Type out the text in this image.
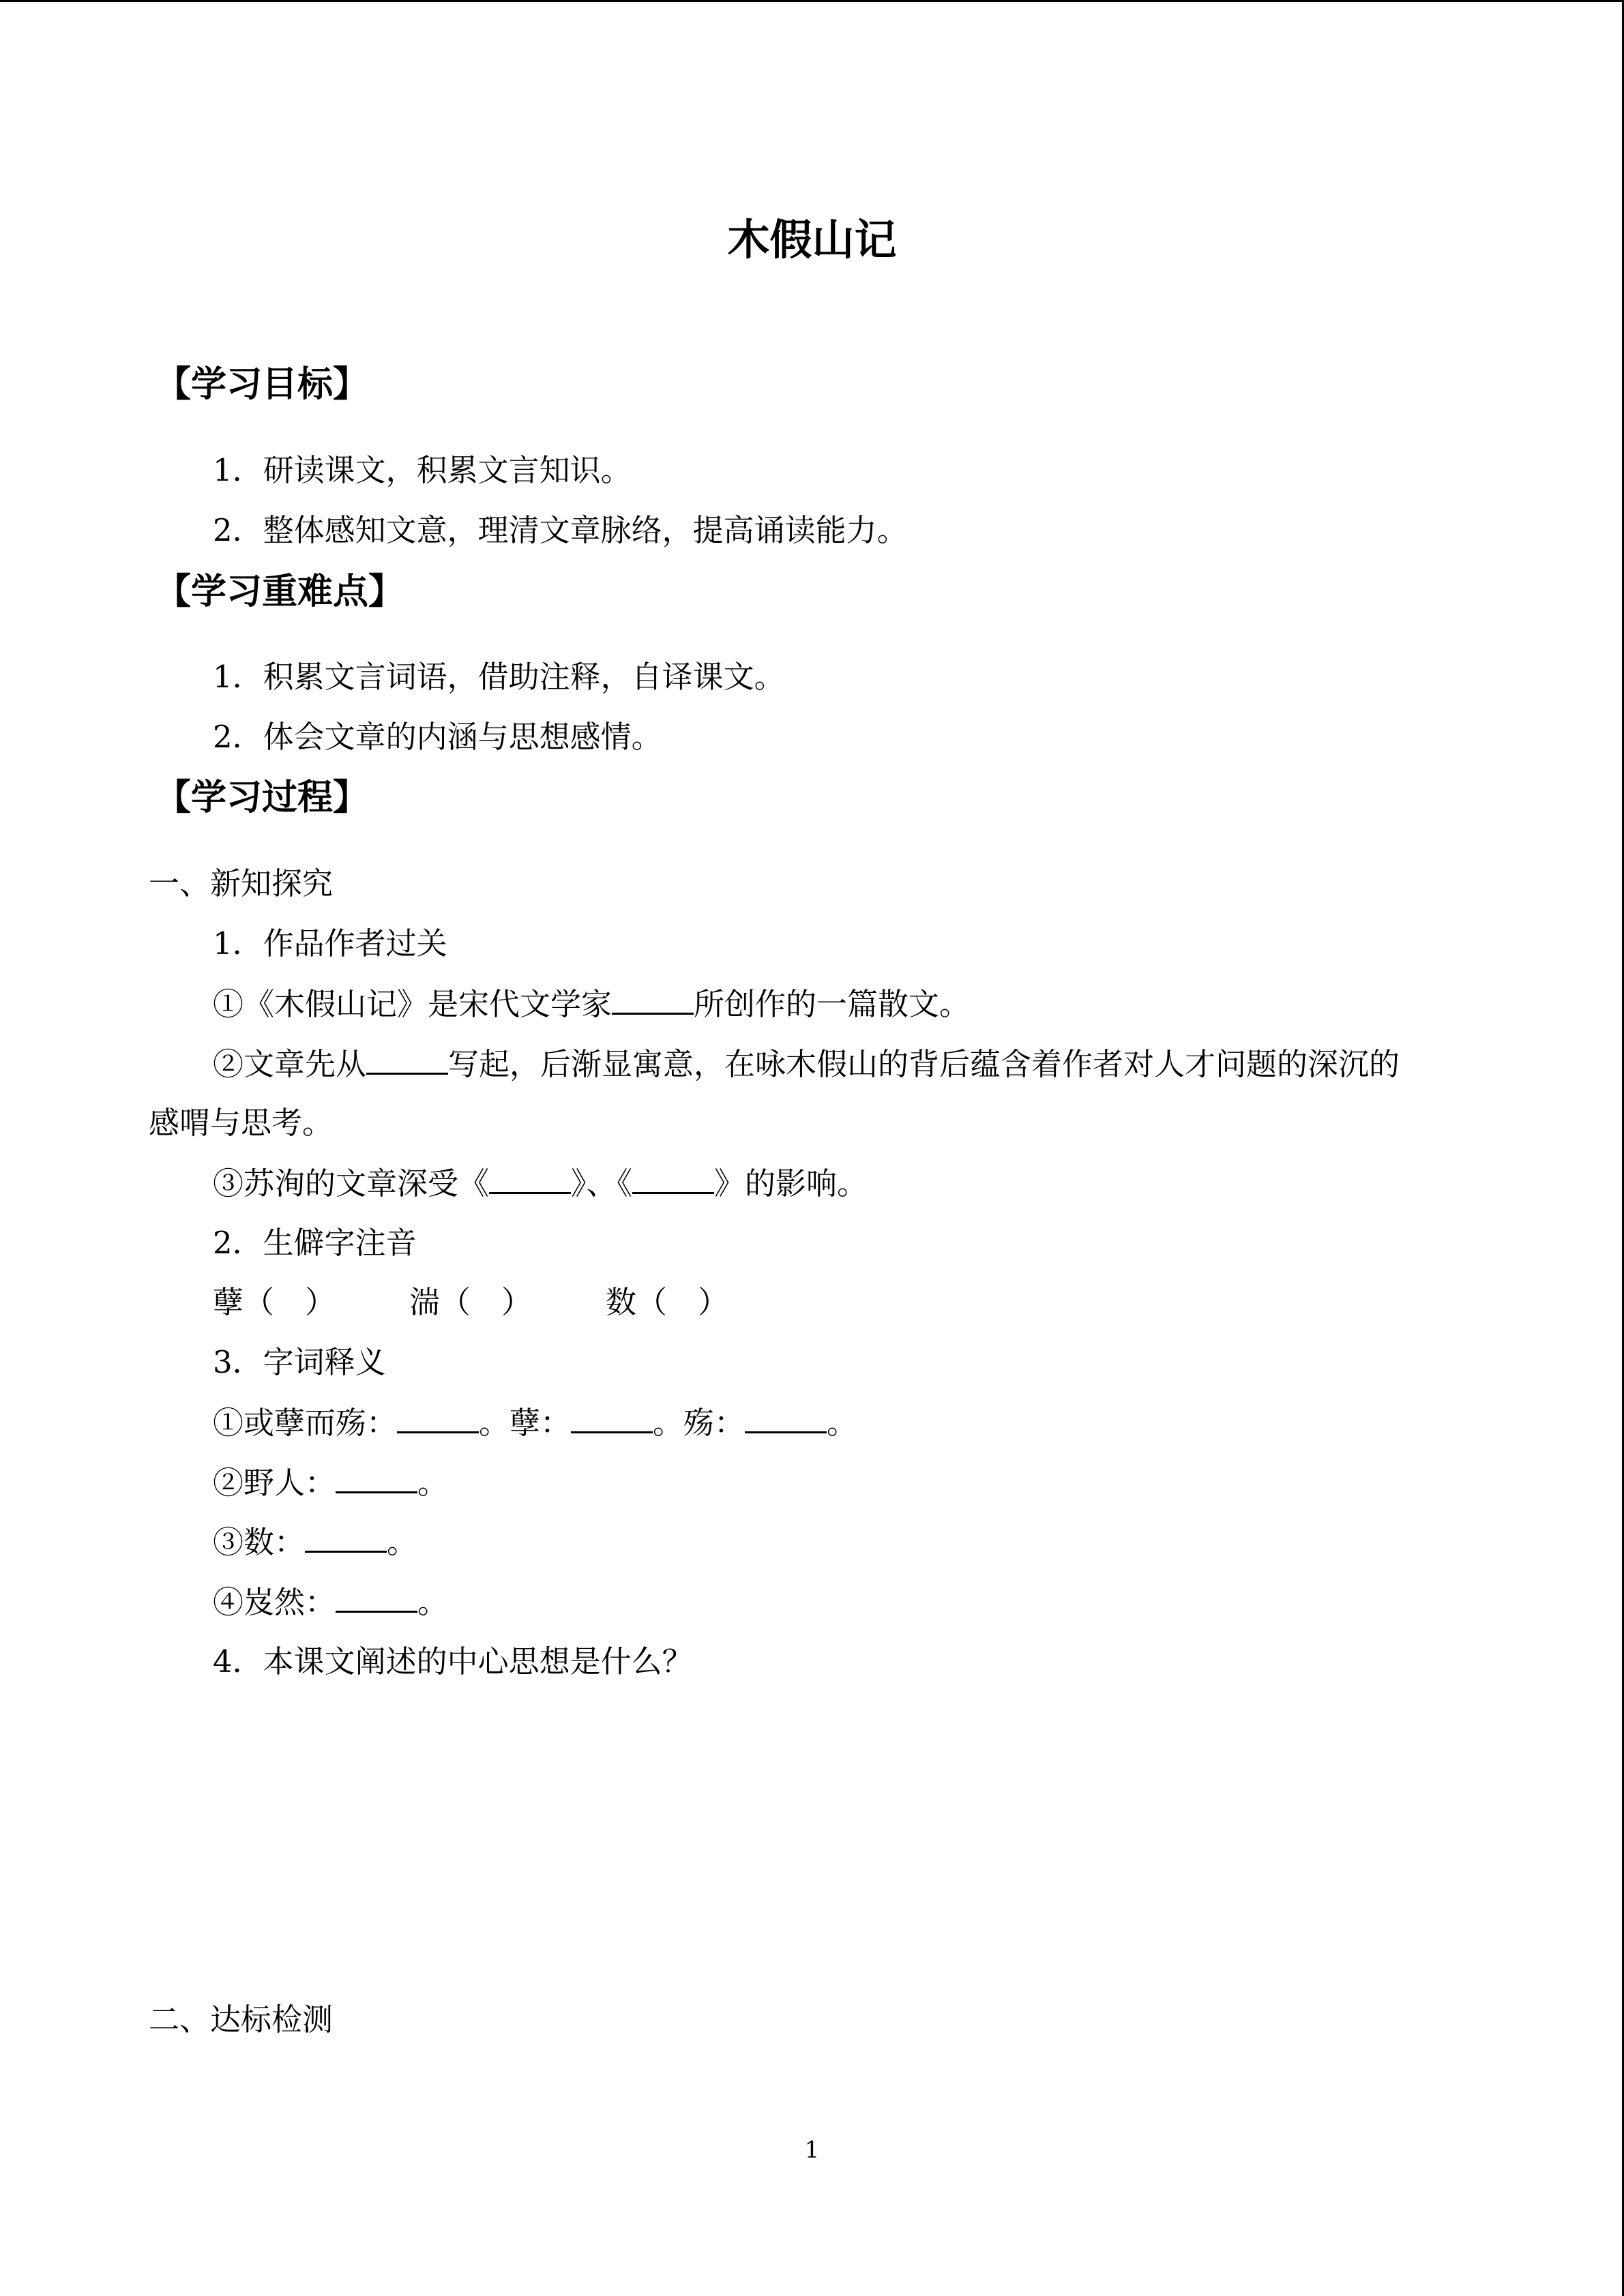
木假山记
【学习目标】
1．研读课文，积累文言知识。
2．整体感知文意，理清文章脉络，提高诵读能力。
【学习重难点】
1．积累文言词语，借助注释，自译课文。
2．体会文章的内涵与思想感情。
【学习过程】
一、新知探究
1．作品作者过关
①《木假山记》是宋代文学家	所创作的一篇散文。
②文章先从	写起，后渐显寓意，在咏木假山的背后蕴含着作者对人才问题的深沉的
感喟与思考。
③苏洵的文章深受《	》、《	》的影响。
2．生僻字注音
孽（　） 湍（　） 数（　）
3．字词释义
①或孽而殇：	。孽：	。殇：	。
②野人：	。
③数：	。
④岌然：	。
4．本课文阐述的中心思想是什么？
二、达标检测
1
